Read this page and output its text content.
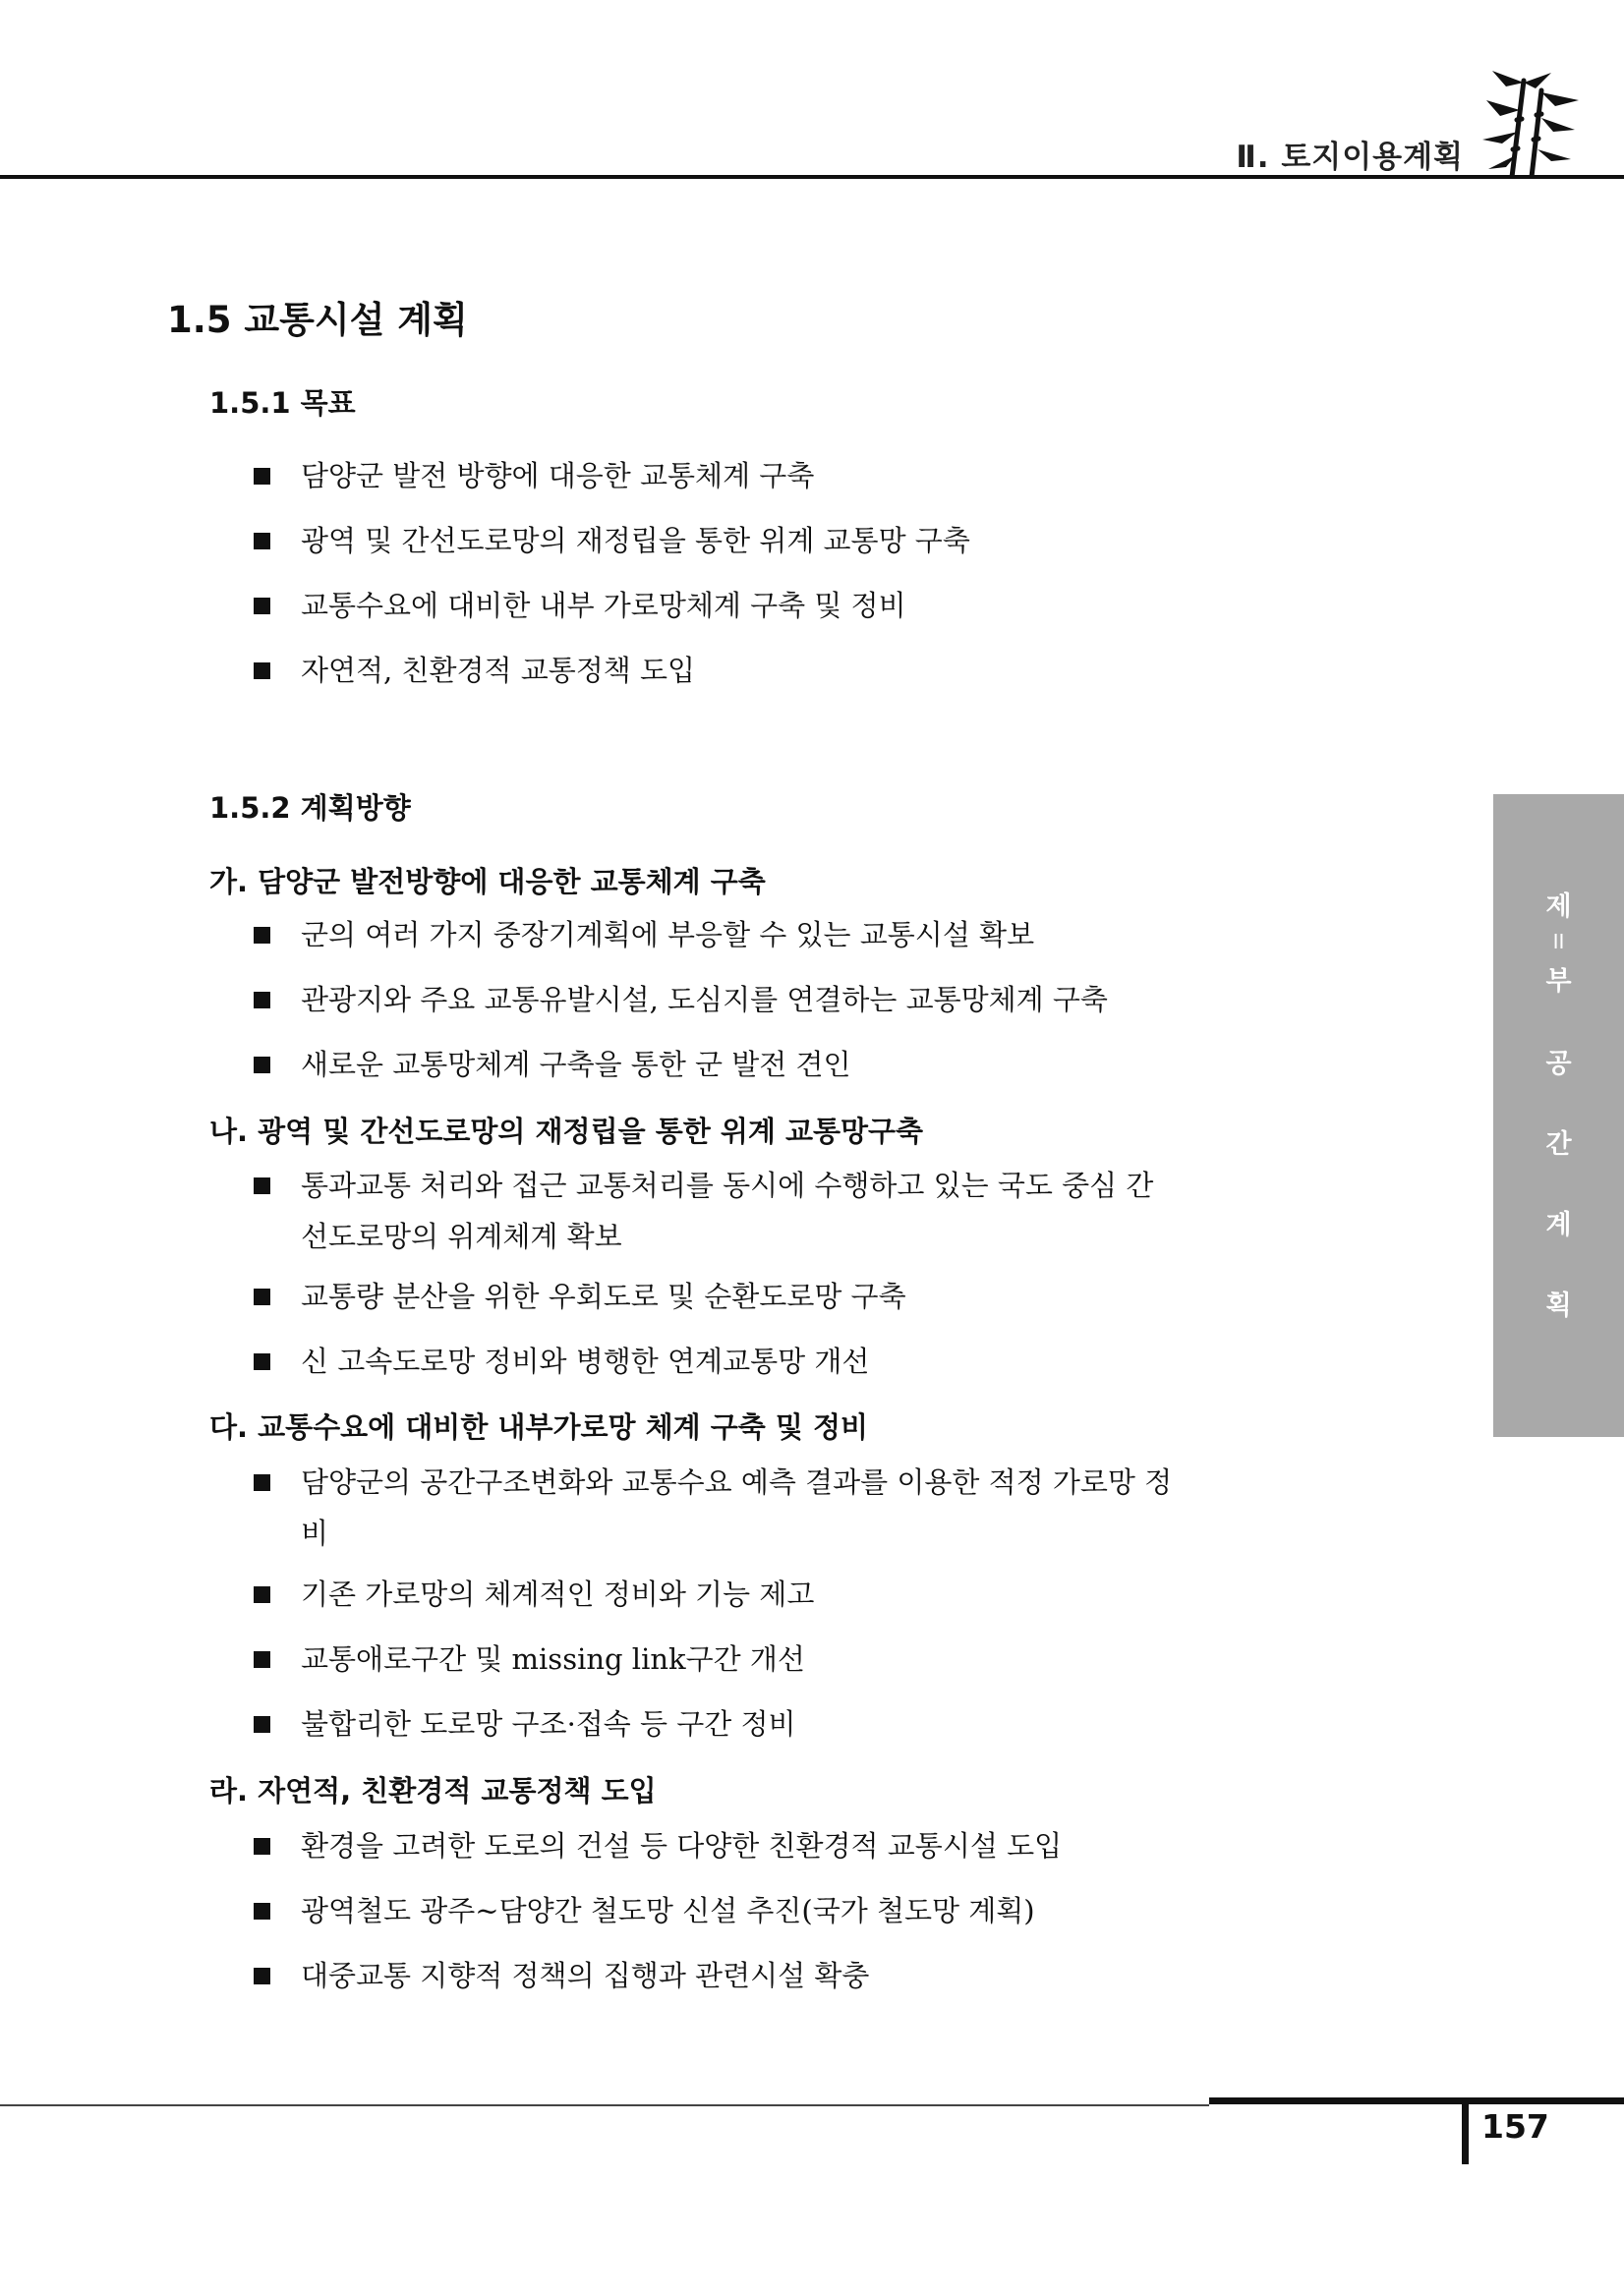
Ⅱ. 토지이용계획
1.5 교통시설 계획
1.5.1 목표
담양군 발전 방향에 대응한 교통체계 구축
광역 및 간선도로망의 재정립을 통한 위계 교통망 구축
교통수요에 대비한 내부 가로망체계 구축 및 정비
자연적, 친환경적 교통정책 도입
1.5.2 계획방향
가. 담양군 발전방향에 대응한 교통체계 구축
군의 여러 가지 중장기계획에 부응할 수 있는 교통시설 확보
관광지와 주요 교통유발시설, 도심지를 연결하는 교통망체계 구축
새로운 교통망체계 구축을 통한 군 발전 견인
나. 광역 및 간선도로망의 재정립을 통한 위계 교통망구축
통과교통 처리와 접근 교통처리를 동시에 수행하고 있는 국도 중심 간선도로망의 위계체계 확보
교통량 분산을 위한 우회도로 및 순환도로망 구축
신 고속도로망 정비와 병행한 연계교통망 개선
다. 교통수요에 대비한 내부가로망 체계 구축 및 정비
담양군의 공간구조변화와 교통수요 예측 결과를 이용한 적정 가로망 정비
기존 가로망의 체계적인 정비와 기능 제고
교통애로구간 및 missing link구간 개선
불합리한 도로망 구조·접속 등 구간 정비
라. 자연적, 친환경적 교통정책 도입
환경을 고려한 도로의 건설 등 다양한 친환경적 교통시설 도입
광역철도 광주~담양간 철도망 신설 추진(국가 철도망 계획)
대중교통 지향적 정책의 집행과 관련시설 확충
제
II
부
공
간
계
획
157
